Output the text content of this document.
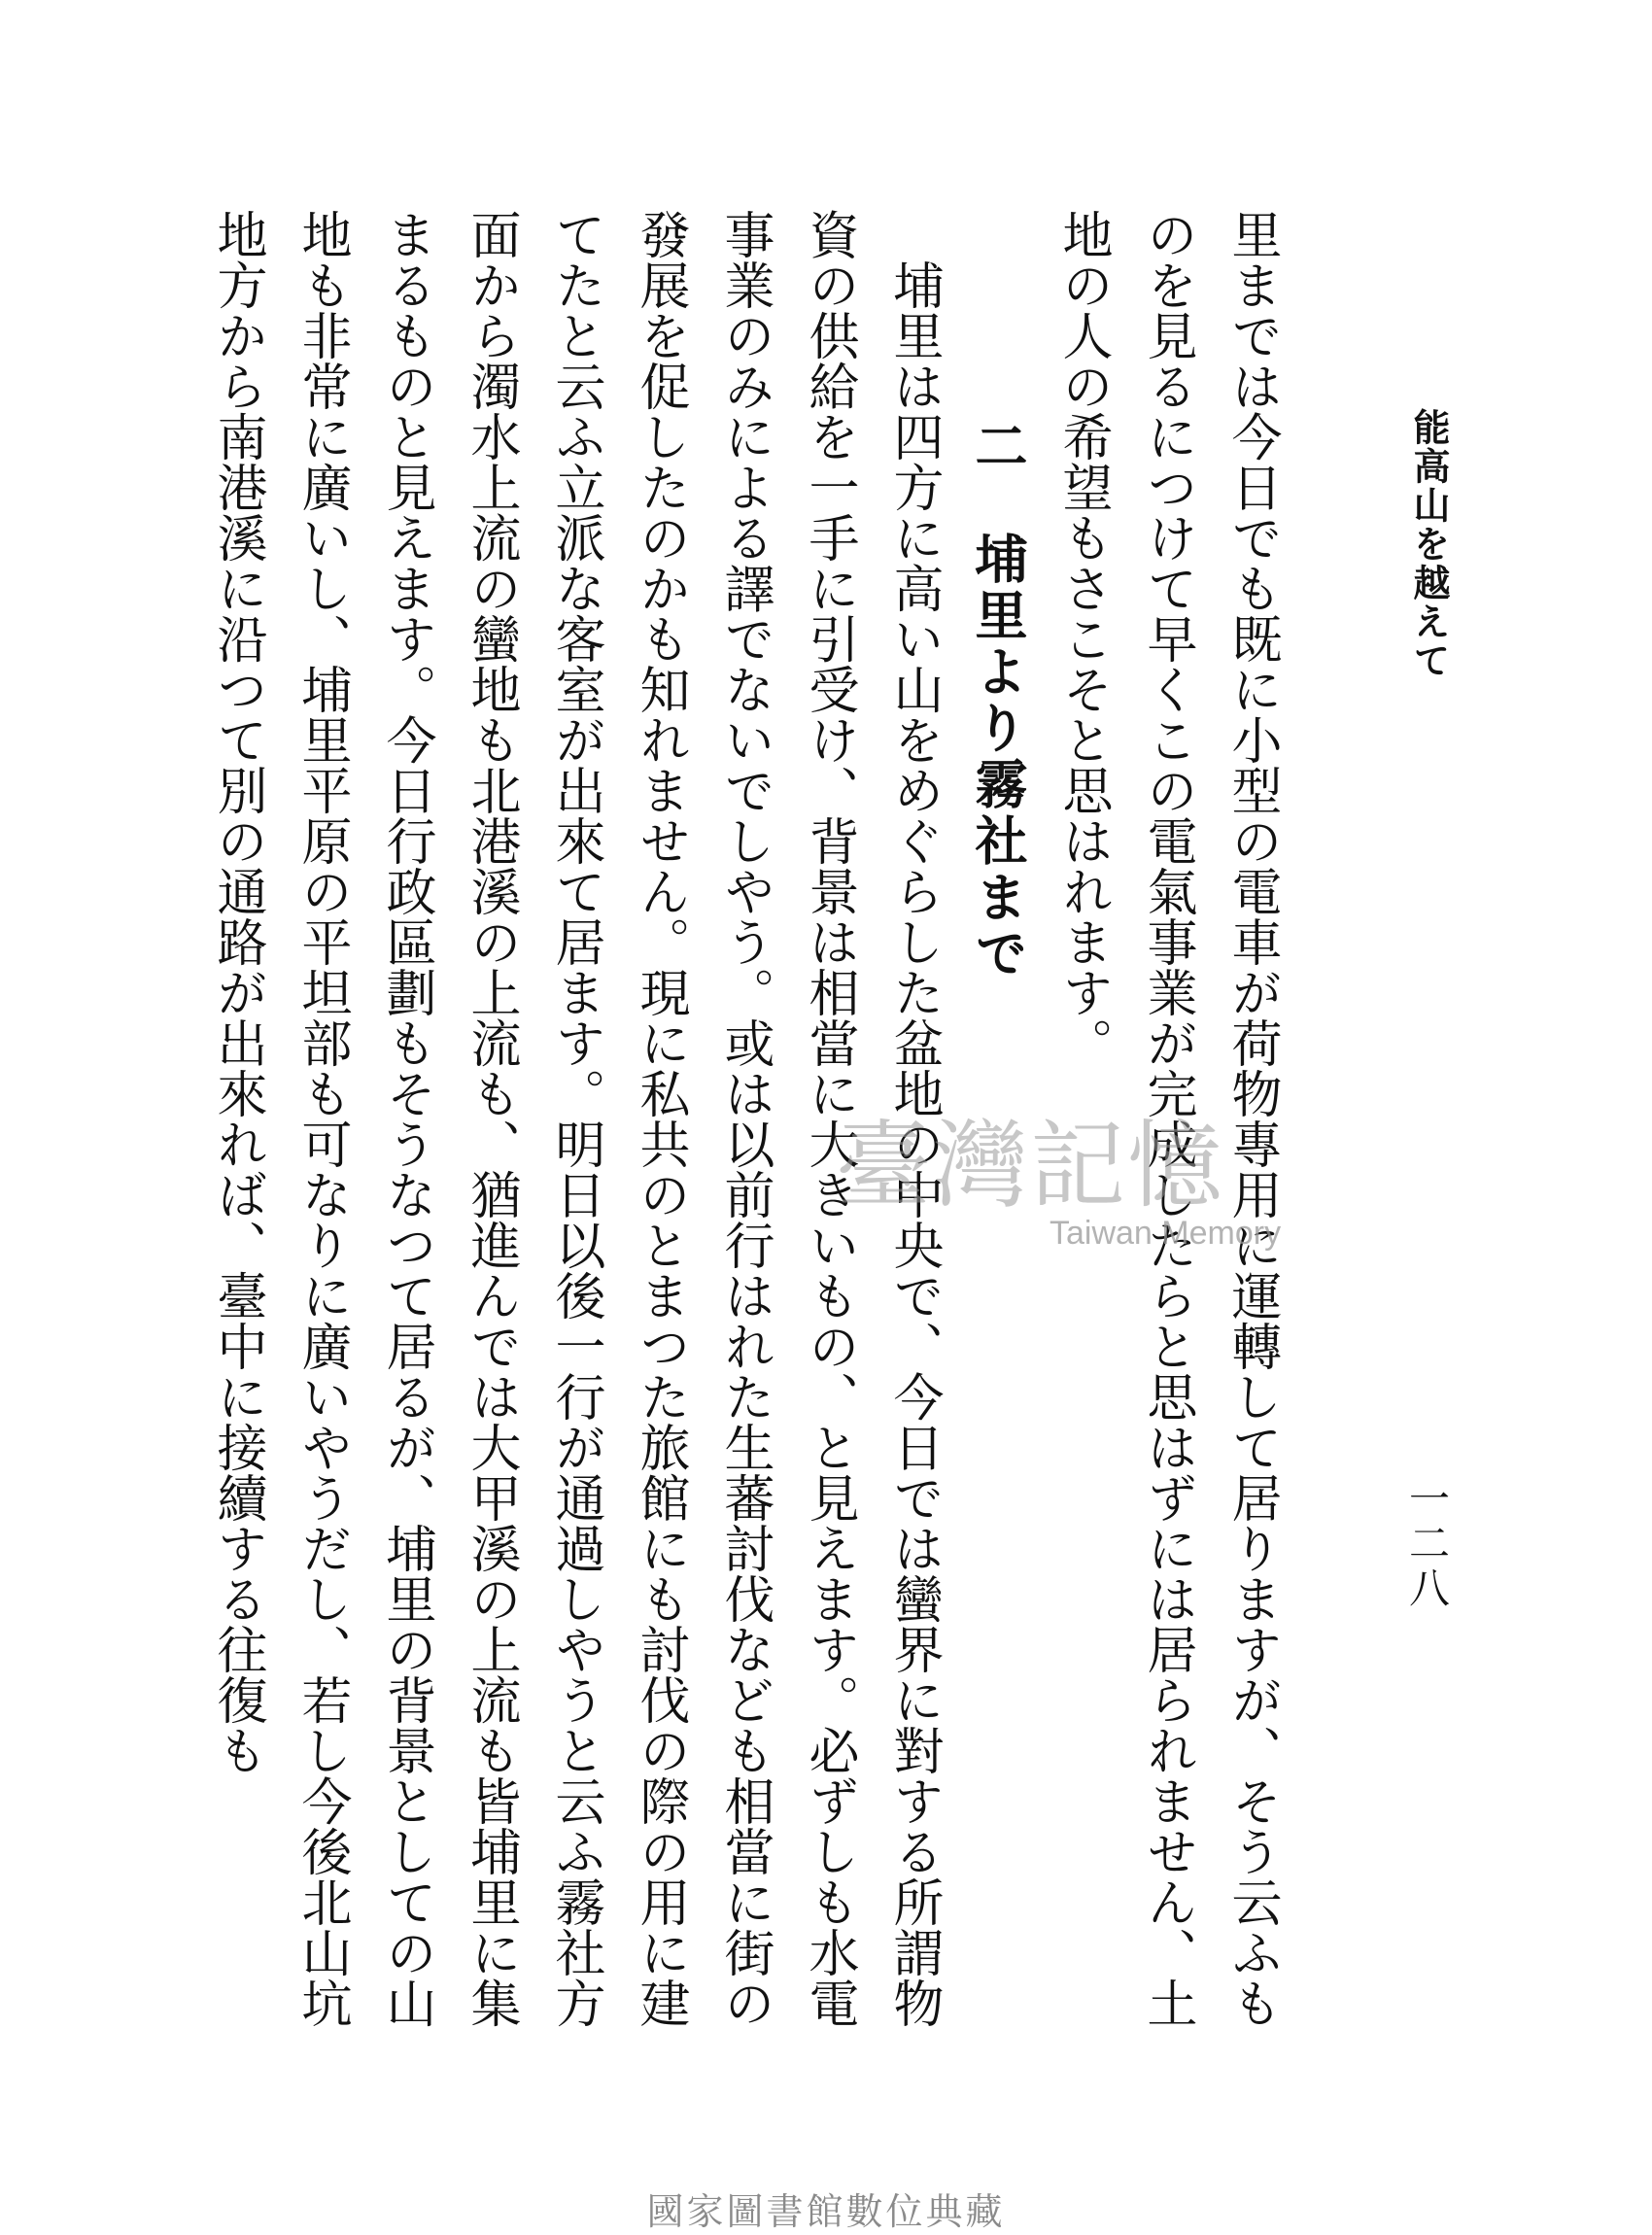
能高山を越えて
一二八

里までは今日でも既に小型の電車が荷物專用に運轉して居りますが、そう云ふものを見るにつけて早くこの電氣事業が完成したらと思はずには居られません、土地の人の希望もさこそと思はれます。

二　埔里より霧社まで

埔里は四方に高い山をめぐらした盆地の中央で、今日では蠻界に對する所謂物資の供給を一手に引受け、背景は相當に大きいもの、と見えます。必ずしも水電事業のみによる譯でないでしやう。或は以前行はれた生蕃討伐なども相當に街の發展を促したのかも知れません。現に私共のとまつた旅館にも討伐の際の用に建てたと云ふ立派な客室が出來て居ます。明日以後一行が通過しやうと云ふ霧社方面から濁水上流の蠻地も北港溪の上流も、猶進んでは大甲溪の上流も皆埔里に集まるものと見えます。今日行政區劃もそうなつて居るが、埔里の背景としての山地も非常に廣いし、埔里平原の平坦部も可なりに廣いやうだし、若し今後北山坑地方から南港溪に沿つて別の通路が出來れば、臺中に接續する往復も	臺灣記憶
Taiwan Memory
國家圖書館數位典藏
